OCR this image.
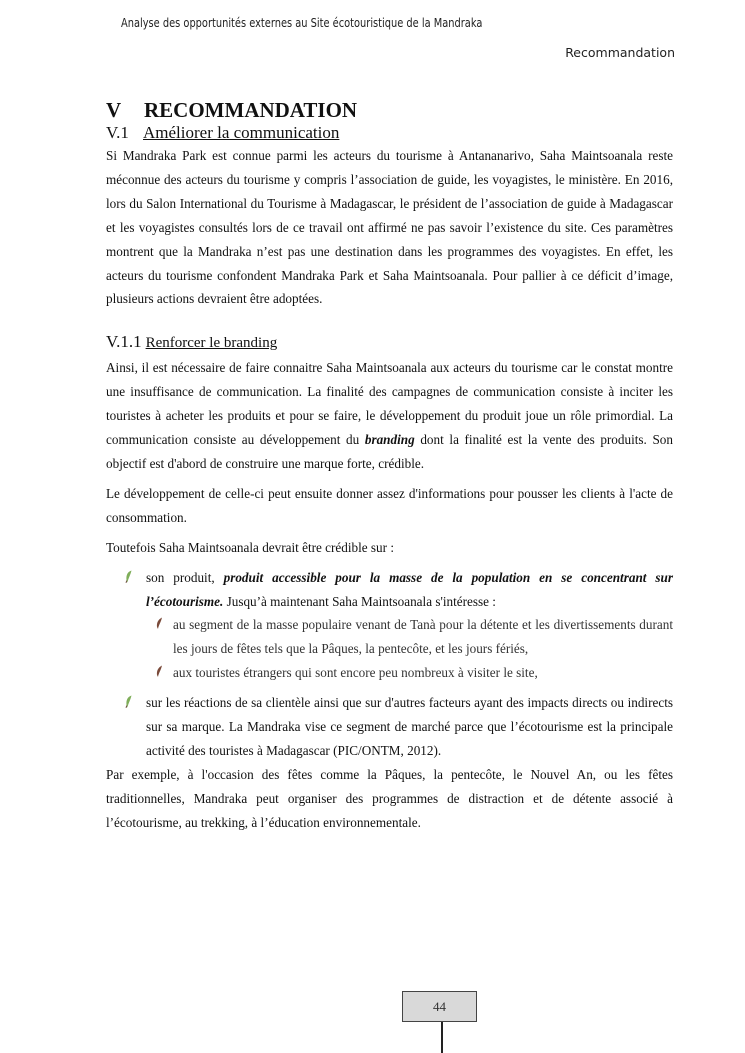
Analyse des opportunités externes au Site écotouristique de la Mandraka
Recommandation
V RECOMMANDATION
V.1 Améliorer la communication

Si Mandraka Park est connue parmi les acteurs du tourisme à Antananarivo, Saha Maintsoanala reste méconnue des acteurs du tourisme y compris l’association de guide, les voyagistes, le ministère. En 2016, lors du Salon International du Tourisme à Madagascar, le président de l’association de guide à Madagascar et les voyagistes consultés lors de ce travail ont affirmé ne pas savoir l’existence du site. Ces paramètres montrent que la Mandraka n’est pas une destination dans les programmes des voyagistes. En effet, les acteurs du tourisme confondent Mandraka Park et Saha Maintsoanala. Pour pallier à ce déficit d’image, plusieurs actions devraient être adoptées.

V.1.1 Renforcer le branding

Ainsi, il est nécessaire de faire connaitre Saha Maintsoanala aux acteurs du tourisme car le constat montre une insuffisance de communication. La finalité des campagnes de communication consiste à inciter les touristes à acheter les produits et pour se faire, le développement du produit joue un rôle primordial. La communication consiste au développement du branding dont la finalité est la vente des produits. Son objectif est d'abord de construire une marque forte, crédible.

Le développement de celle-ci peut ensuite donner assez d'informations pour pousser les clients à l'acte de consommation.

Toutefois Saha Maintsoanala devrait être crédible sur :

son produit, produit accessible pour la masse de la population en se concentrant sur l’écotourisme. Jusqu’à maintenant Saha Maintsoanala s'intéresse :

au segment de la masse populaire venant de Tanà pour la détente et les divertissements durant les jours de fêtes tels que la Pâques, la pentecôte, et les jours fériés,

aux touristes étrangers qui sont encore peu nombreux à visiter le site,

sur les réactions de sa clientèle ainsi que sur d'autres facteurs ayant des impacts directs ou indirects sur sa marque. La Mandraka vise ce segment de marché parce que l’écotourisme est la principale activité des touristes à Madagascar (PIC/ONTM, 2012).

Par exemple, à l'occasion des fêtes comme la Pâques, la pentecôte, le Nouvel An, ou les fêtes traditionnelles, Mandraka peut organiser des programmes de distraction et de détente associé à l’écotourisme, au trekking, à l’éducation environnementale.

44
